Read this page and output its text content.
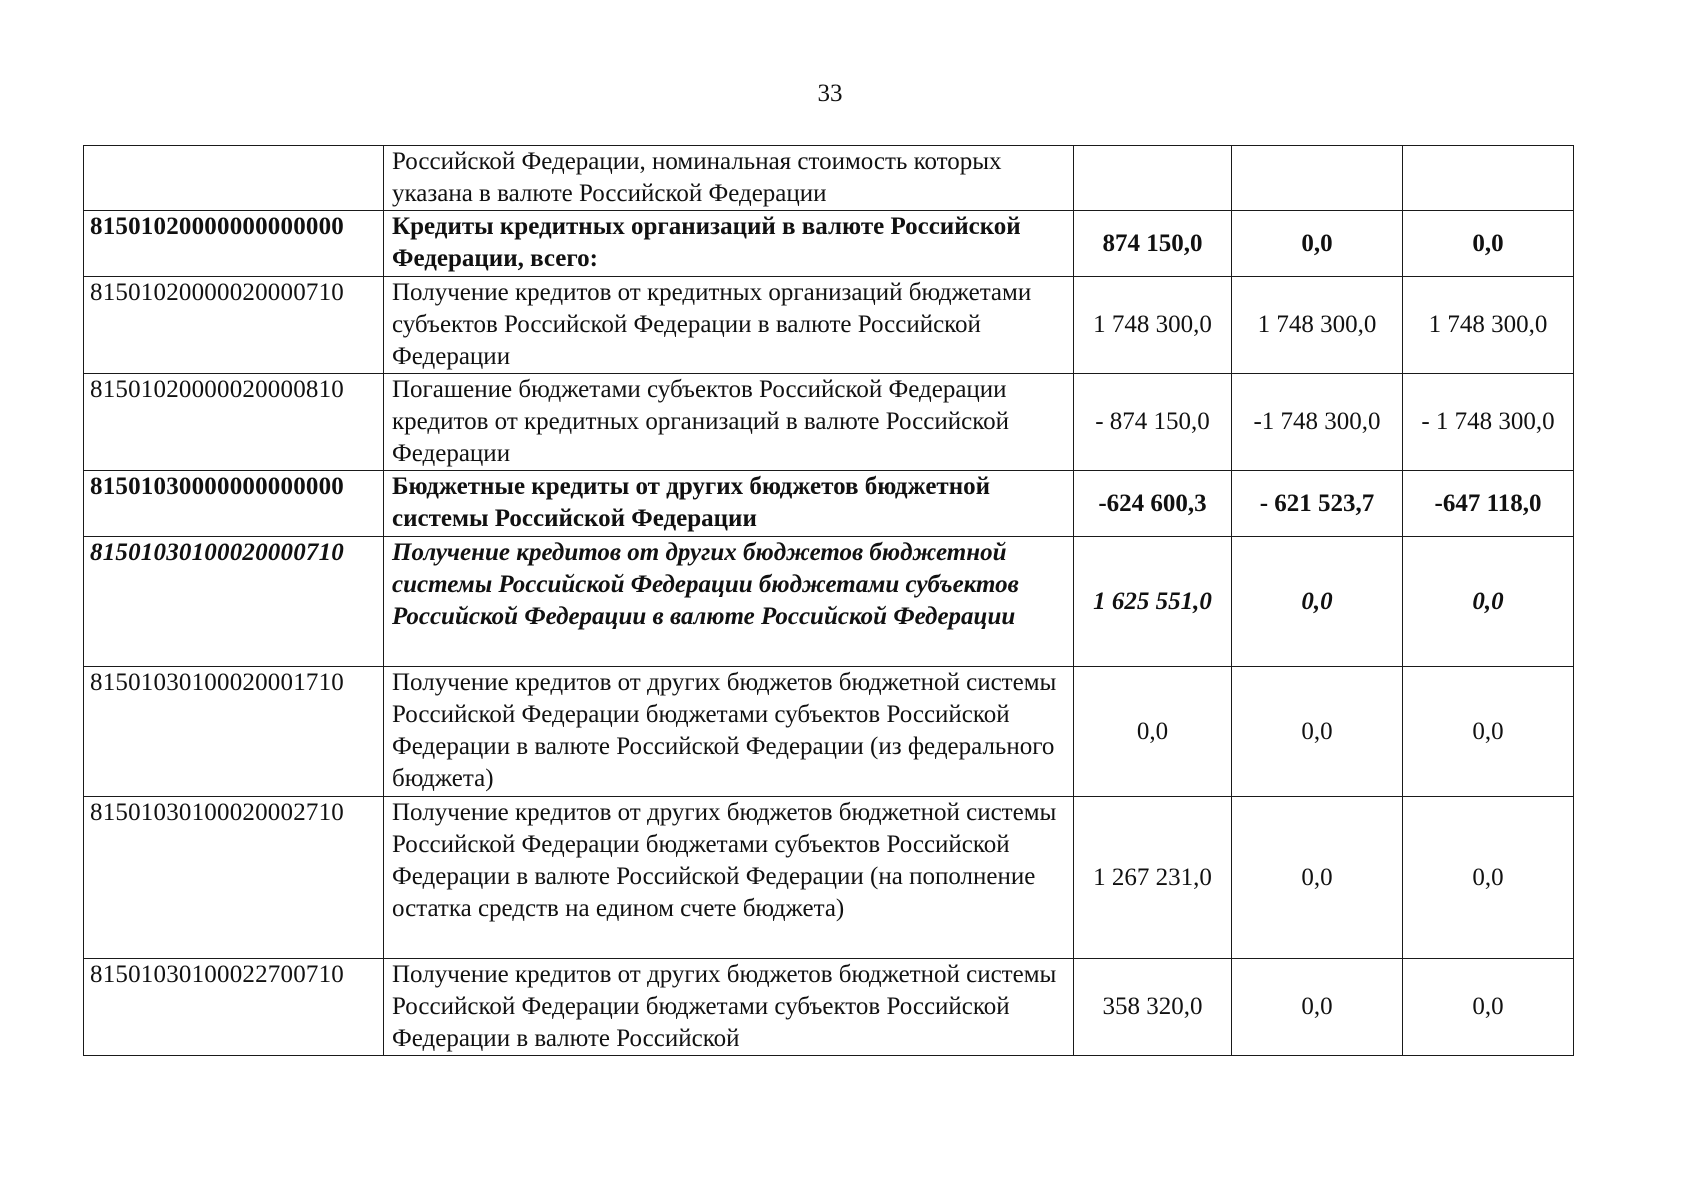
33
	Российской Федерации, номинальная стоимость которых указана в валюте Российской Федерации			
81501020000000000000	Кредиты кредитных организаций в валюте Российской Федерации, всего:	874 150,0	0,0	0,0
81501020000020000710	Получение кредитов от кредитных организаций бюджетами субъектов Российской Федерации в валюте Российской Федерации	1 748 300,0	1 748 300,0	1 748 300,0
81501020000020000810	Погашение бюджетами субъектов Российской Федерации кредитов от кредитных организаций в валюте Российской Федерации	- 874 150,0	-1 748 300,0	- 1 748 300,0
81501030000000000000	Бюджетные кредиты от других бюджетов бюджетной системы Российской Федерации	-624 600,3	- 621 523,7	-647 118,0
81501030100020000710	Получение кредитов от других бюджетов бюджетной системы Российской Федерации бюджетами субъектов Российской Федерации в валюте Российской Федерации	1 625 551,0	0,0	0,0
81501030100020001710	Получение кредитов от других бюджетов бюджетной системы Российской Федерации бюджетами субъектов Российской Федерации в валюте Российской Федерации (из федерального бюджета)	0,0	0,0	0,0
81501030100020002710	Получение кредитов от других бюджетов бюджетной системы Российской Федерации бюджетами субъектов Российской Федерации в валюте Российской Федерации (на пополнение остатка средств на едином счете бюджета)	1 267 231,0	0,0	0,0
81501030100022700710	Получение кредитов от других бюджетов бюджетной системы Российской Федерации бюджетами субъектов Российской Федерации в валюте Российской	358 320,0	0,0	0,0
